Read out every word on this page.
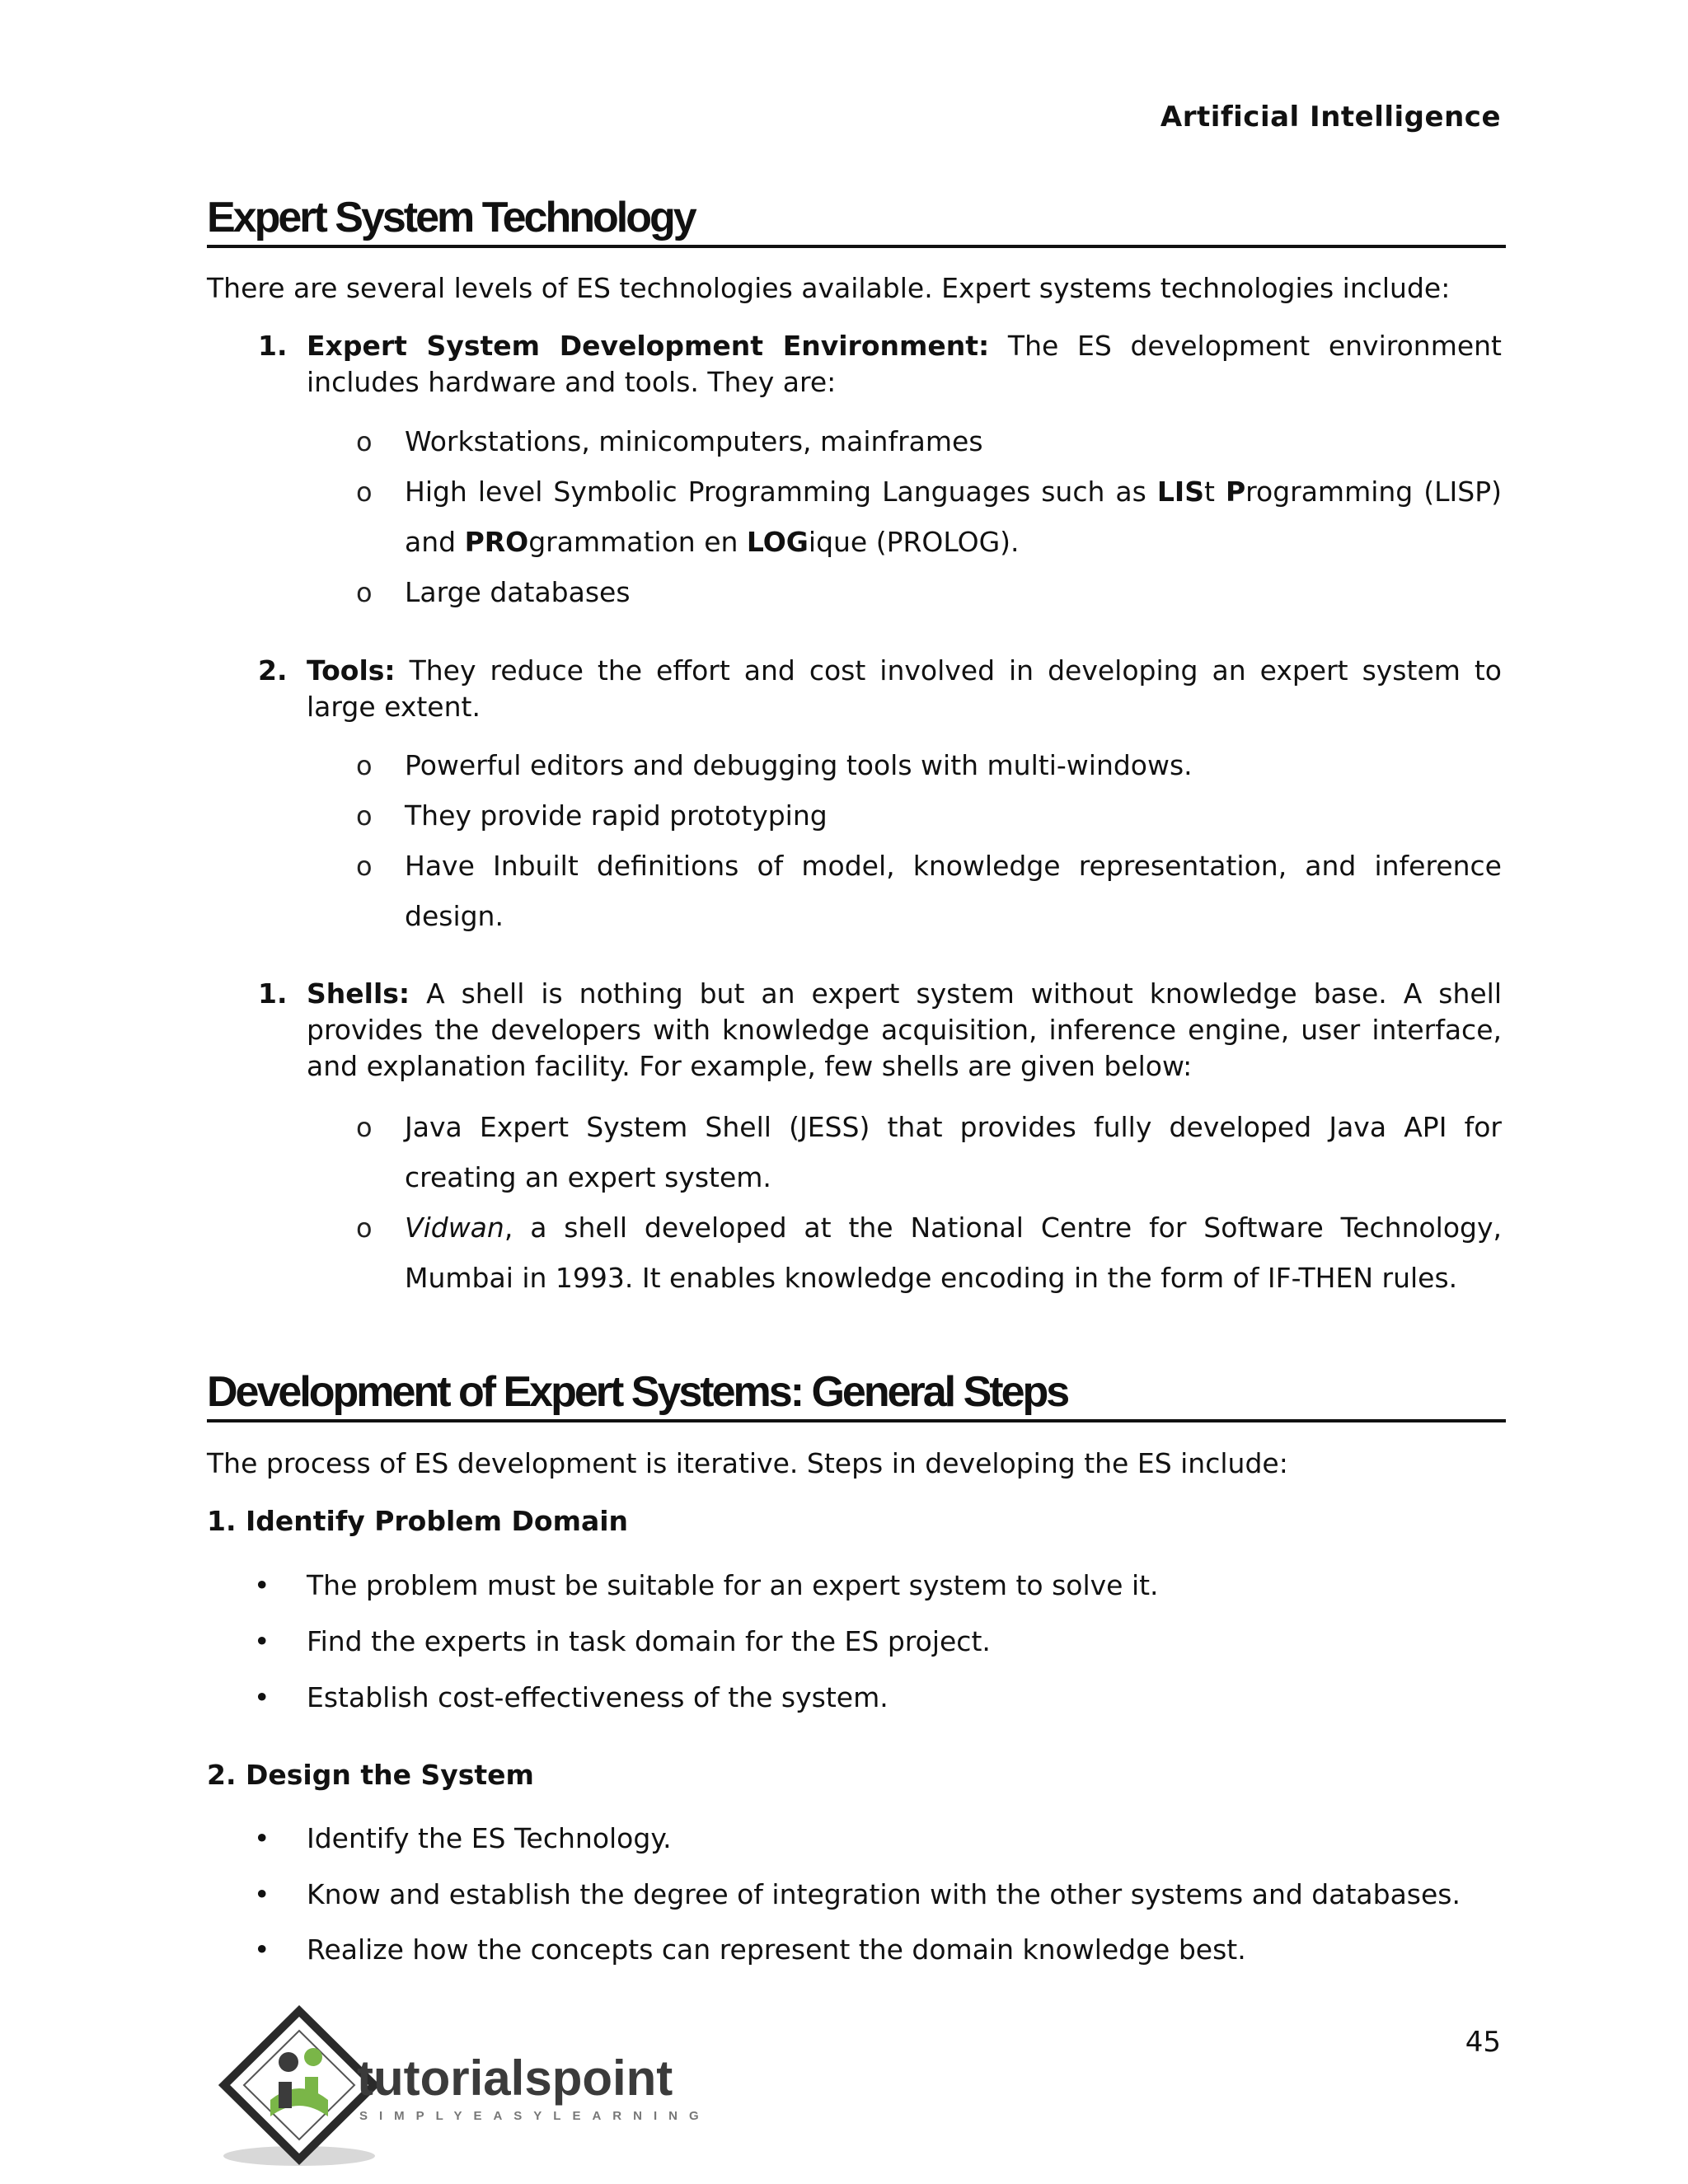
Artificial Intelligence
Expert System Technology
There are several levels of ES technologies available. Expert systems technologies include:
1. Expert System Development Environment: The ES development environment includes hardware and tools. They are:
o Workstations, minicomputers, mainframes
o High level Symbolic Programming Languages such as LISt Programming (LISP) and PROgrammation en LOGique (PROLOG).
o Large databases
2. Tools: They reduce the effort and cost involved in developing an expert system to large extent.
o Powerful editors and debugging tools with multi-windows.
o They provide rapid prototyping
o Have Inbuilt definitions of model, knowledge representation, and inference design.
1. Shells: A shell is nothing but an expert system without knowledge base. A shell provides the developers with knowledge acquisition, inference engine, user interface, and explanation facility. For example, few shells are given below:
o Java Expert System Shell (JESS) that provides fully developed Java API for creating an expert system.
o Vidwan, a shell developed at the National Centre for Software Technology, Mumbai in 1993. It enables knowledge encoding in the form of IF-THEN rules.
Development of Expert Systems: General Steps
The process of ES development is iterative. Steps in developing the ES include:
1. Identify Problem Domain
• The problem must be suitable for an expert system to solve it.
• Find the experts in task domain for the ES project.
• Establish cost-effectiveness of the system.
2. Design the System
• Identify the ES Technology.
• Know and establish the degree of integration with the other systems and databases.
• Realize how the concepts can represent the domain knowledge best.
tutorialspoint
SIMPLYEASYLEARNING
45
